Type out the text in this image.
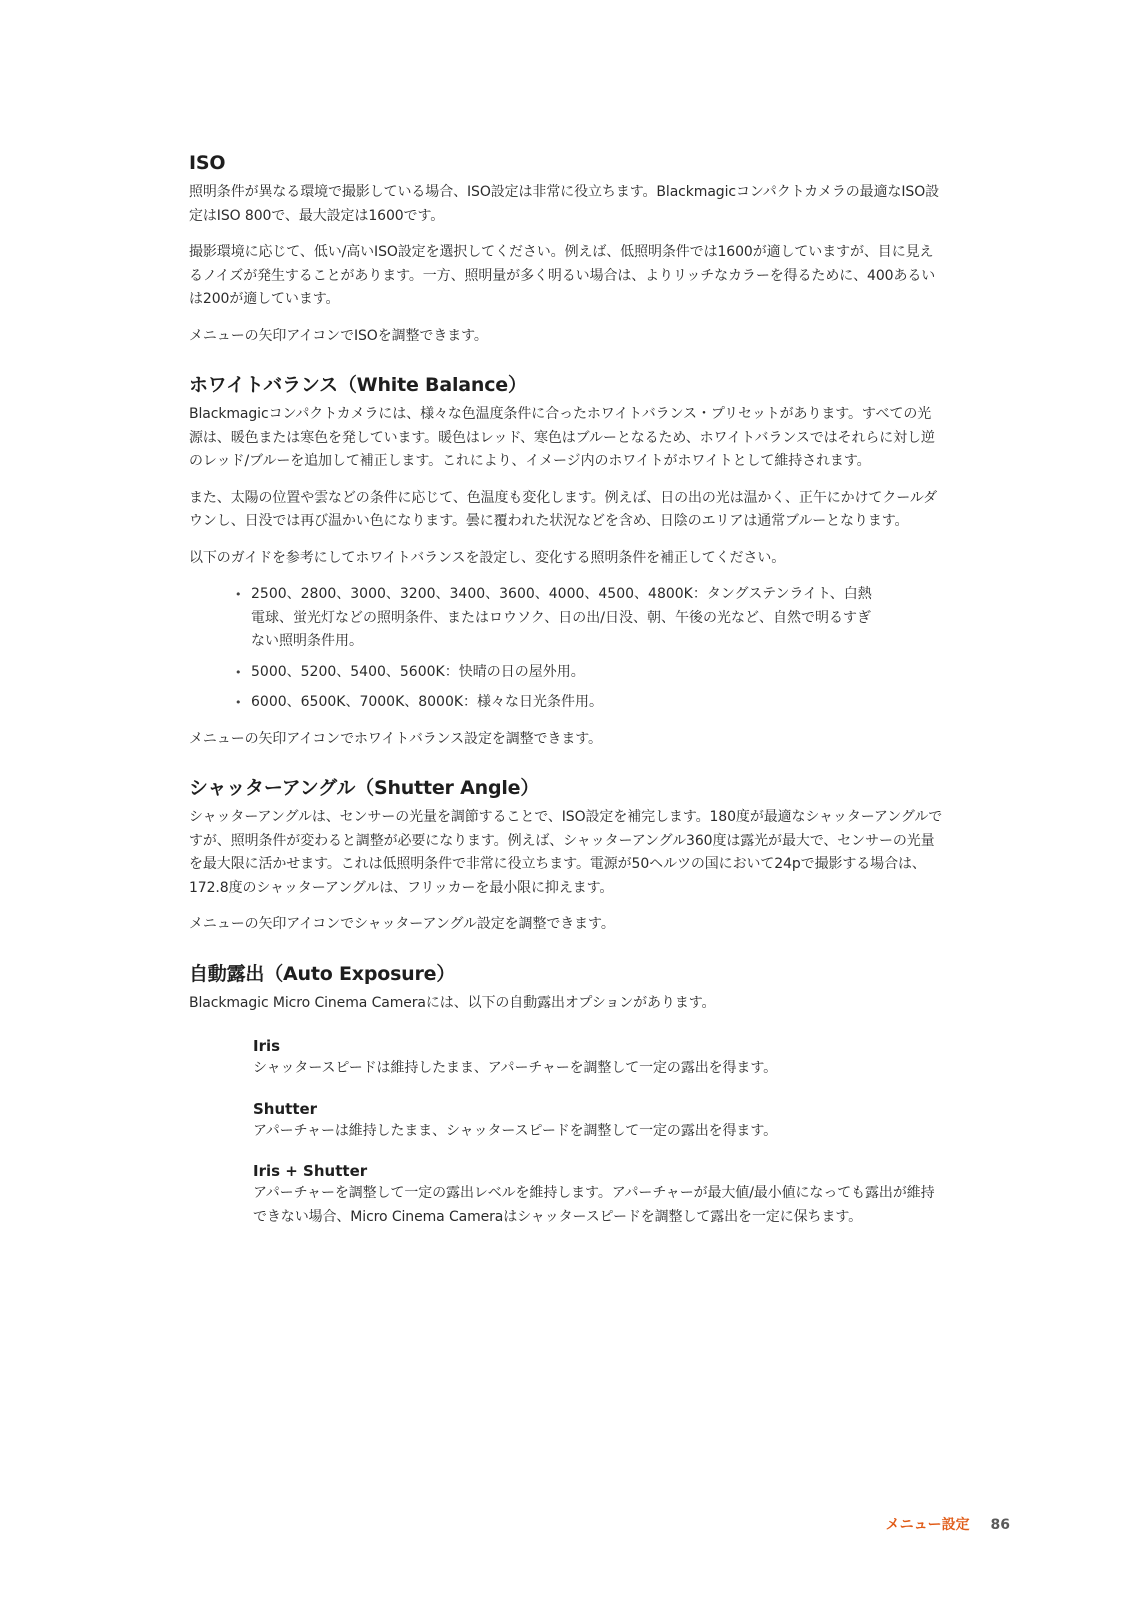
ISO

照明条件が異なる環境で撮影している場合、ISO設定は非常に役立ちます。Blackmagicコンパクトカメラの最適なISO設定はISO 800で、最大設定は1600です。

撮影環境に応じて、低い/高いISO設定を選択してください。例えば、低照明条件では1600が適していますが、目に見えるノイズが発生することがあります。一方、照明量が多く明るい場合は、よりリッチなカラーを得るために、400あるいは200が適しています。

メニューの矢印アイコンでISOを調整できます。

ホワイトバランス（White Balance）

Blackmagicコンパクトカメラには、様々な色温度条件に合ったホワイトバランス・プリセットがあります。すべての光源は、暖色または寒色を発しています。暖色はレッド、寒色はブルーとなるため、ホワイトバランスではそれらに対し逆のレッド/ブルーを追加して補正します。これにより、イメージ内のホワイトがホワイトとして維持されます。

また、太陽の位置や雲などの条件に応じて、色温度も変化します。例えば、日の出の光は温かく、正午にかけてクールダウンし、日没では再び温かい色になります。曇に覆われた状況などを含め、日陰のエリアは通常ブルーとなります。

以下のガイドを参考にしてホワイトバランスを設定し、変化する照明条件を補正してください。

• 2500、2800、3000、3200、3400、3600、4000、4500、4800K：タングステンライト、白熱電球、蛍光灯などの照明条件、またはロウソク、日の出/日没、朝、午後の光など、自然で明るすぎない照明条件用。
• 5000、5200、5400、5600K：快晴の日の屋外用。
• 6000、6500K、7000K、8000K：様々な日光条件用。

メニューの矢印アイコンでホワイトバランス設定を調整できます。

シャッターアングル（Shutter Angle）

シャッターアングルは、センサーの光量を調節することで、ISO設定を補完します。180度が最適なシャッターアングルですが、照明条件が変わると調整が必要になります。例えば、シャッターアングル360度は露光が最大で、センサーの光量を最大限に活かせます。これは低照明条件で非常に役立ちます。電源が50ヘルツの国において24pで撮影する場合は、172.8度のシャッターアングルは、フリッカーを最小限に抑えます。

メニューの矢印アイコンでシャッターアングル設定を調整できます。

自動露出（Auto Exposure）

Blackmagic Micro Cinema Cameraには、以下の自動露出オプションがあります。

Iris

シャッタースピードは維持したまま、アパーチャーを調整して一定の露出を得ます。

Shutter

アパーチャーは維持したまま、シャッタースピードを調整して一定の露出を得ます。

Iris + Shutter

アパーチャーを調整して一定の露出レベルを維持します。アパーチャーが最大値/最小値になっても露出が維持できない場合、Micro Cinema Cameraはシャッタースピードを調整して露出を一定に保ちます。

メニュー設定 86
